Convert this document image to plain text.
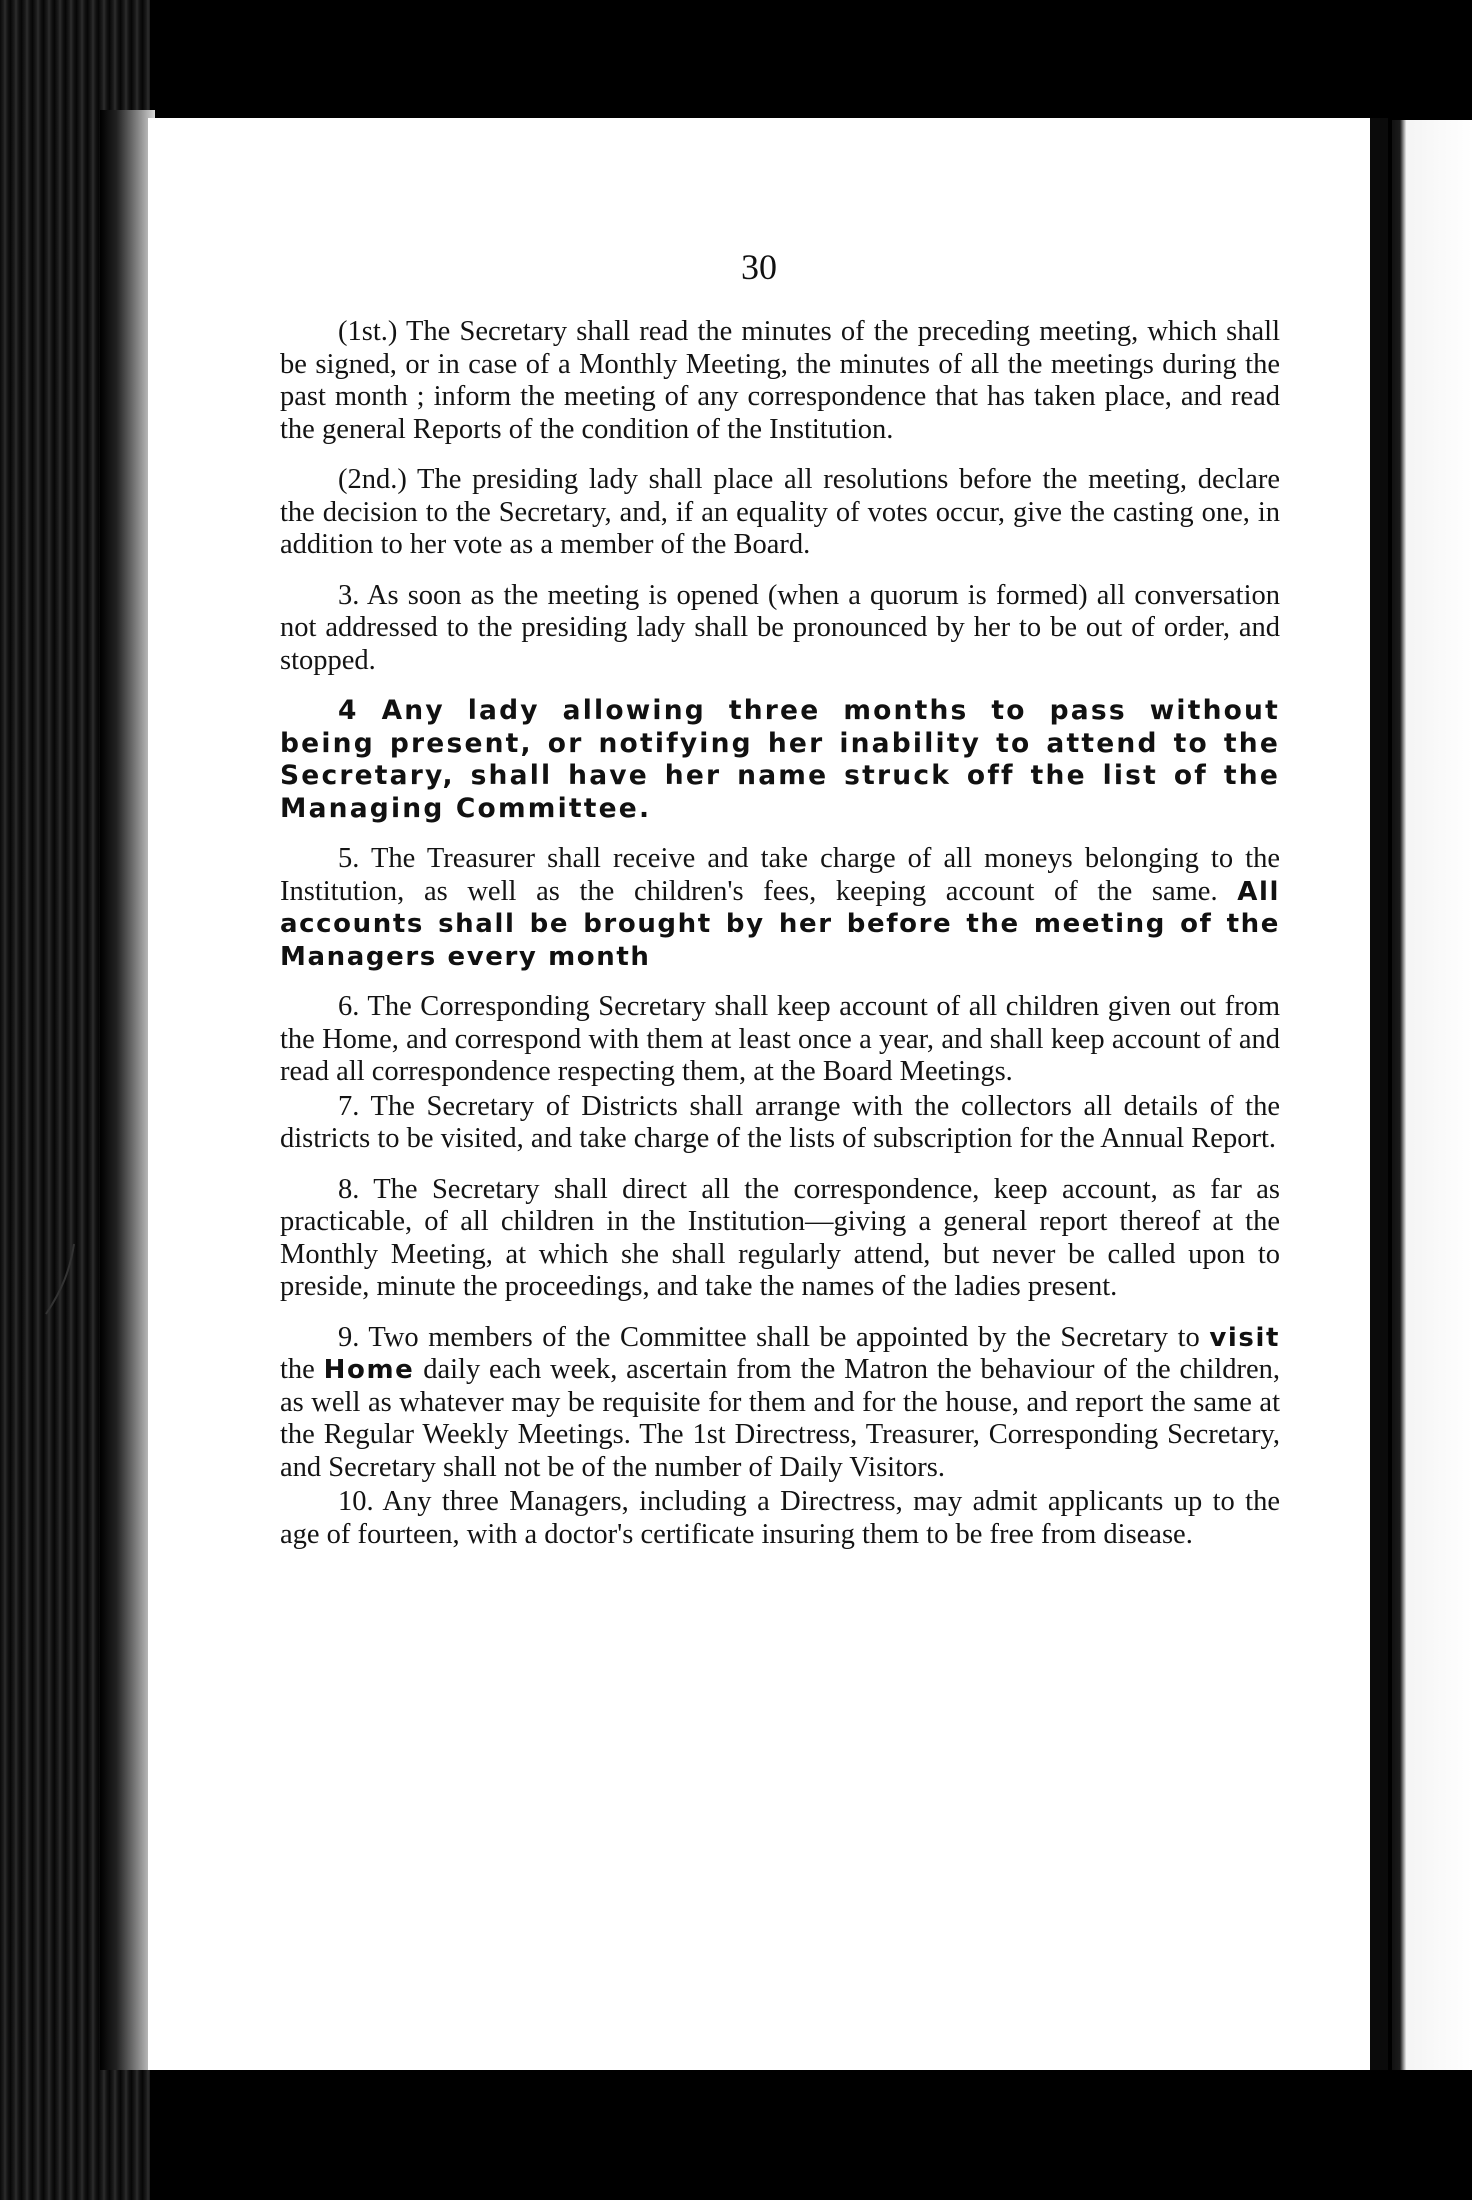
30

(1st.) The Secretary shall read the minutes of the preceding meeting, which shall be signed, or in case of a Monthly Meeting, the minutes of all the meetings during the past month ; inform the meeting of any correspondence that has taken place, and read the general Reports of the condition of the Institution.

(2nd.) The presiding lady shall place all resolutions before the meeting, declare the decision to the Secretary, and, if an equality of votes occur, give the casting one, in addition to her vote as a member of the Board.

3. As soon as the meeting is opened (when a quorum is formed) all conversation not addressed to the presiding lady shall be pronounced by her to be out of order, and stopped.

4 Any lady allowing three months to pass without being present, or notifying her inability to attend to the Secretary, shall have her name struck off the list of the Managing Committee.

5. The Treasurer shall receive and take charge of all moneys belonging to the Institution, as well as the children's fees, keeping account of the same. All accounts shall be brought by her before the meeting of the Managers every month

6. The Corresponding Secretary shall keep account of all children given out from the Home, and correspond with them at least once a year, and shall keep account of and read all correspondence respecting them, at the Board Meetings.

7. The Secretary of Districts shall arrange with the collectors all details of the districts to be visited, and take charge of the lists of subscription for the Annual Report.

8. The Secretary shall direct all the correspondence, keep account, as far as practicable, of all children in the Institution—giving a general report thereof at the Monthly Meeting, at which she shall regularly attend, but never be called upon to preside, minute the proceedings, and take the names of the ladies present.

9. Two members of the Committee shall be appointed by the Secretary to visit the Home daily each week, ascertain from the Matron the behaviour of the children, as well as whatever may be requisite for them and for the house, and report the same at the Regular Weekly Meetings. The 1st Directress, Treasurer, Corresponding Secretary, and Secretary shall not be of the number of Daily Visitors.

10. Any three Managers, including a Directress, may admit applicants up to the age of fourteen, with a doctor's certificate insuring them to be free from disease.
